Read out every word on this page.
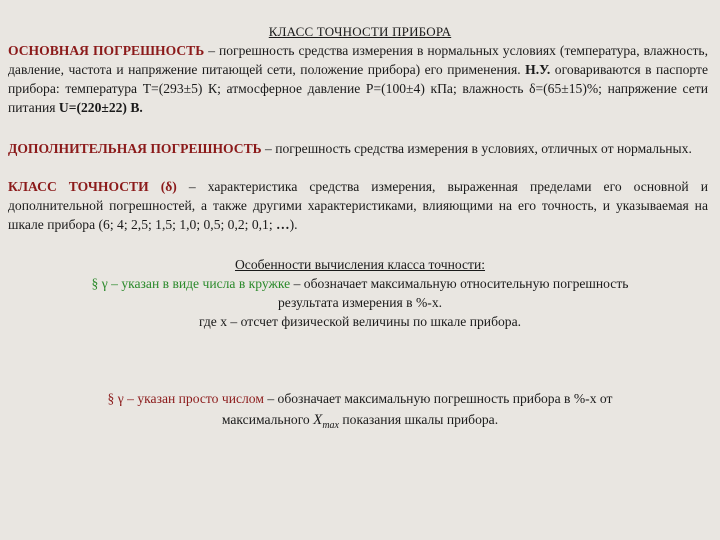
КЛАСС ТОЧНОСТИ ПРИБОРА
ОСНОВНАЯ ПОГРЕШНОСТЬ – погрешность средства измерения в нормальных условиях (температура, влажность, давление, частота и напряжение питающей сети, положение прибора) его применения. Н.У. оговариваются в паспорте прибора: температура Т=(293±5) К; атмосферное давление Р=(100±4) кПа; влажность δ=(65±15)%; напряжение сети питания U=(220±22) В.
ДОПОЛНИТЕЛЬНАЯ ПОГРЕШНОСТЬ – погрешность средства измерения в условиях, отличных от нормальных.
КЛАСС ТОЧНОСТИ (δ) – характеристика средства измерения, выраженная пределами его основной и дополнительной погрешностей, а также другими характеристиками, влияющими на его точность, и указываемая на шкале прибора (6; 4; 2,5; 1,5; 1,0; 0,5; 0,2; 0,1; …).
Особенности вычисления класса точности:
§ γ – указан в виде числа в кружке – обозначает максимальную относительную погрешность
результата измерения в %-х.
где х – отсчет физической величины по шкале прибора.
§ γ – указан просто числом – обозначает максимальную погрешность прибора в %-х от
максимального $X_{max}$ показания шкалы прибора.
